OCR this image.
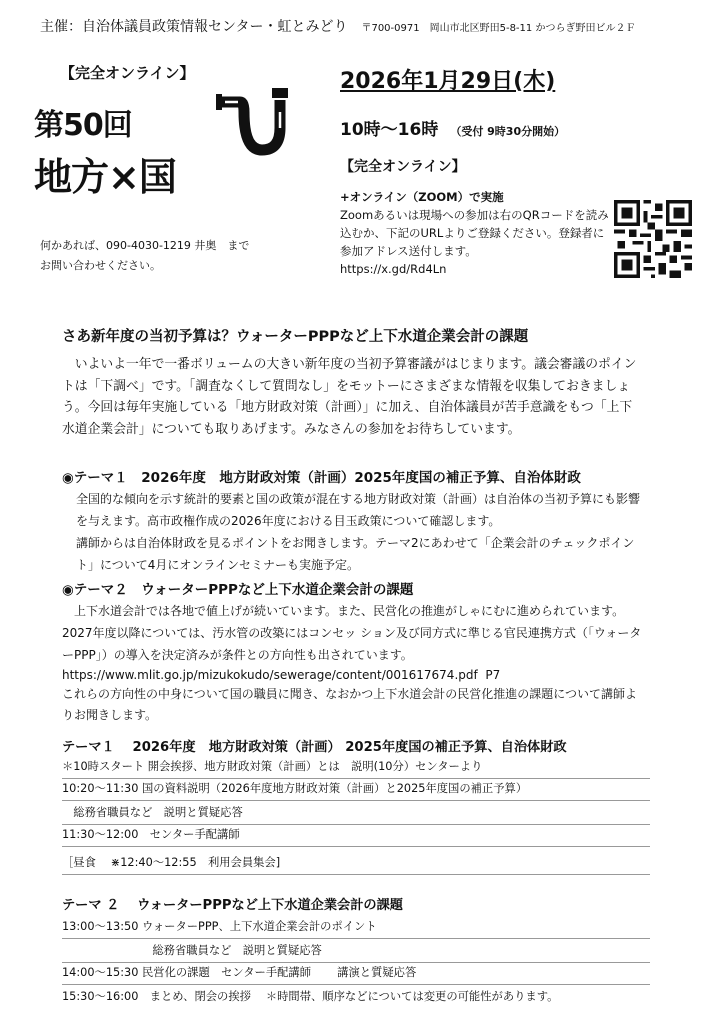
主催：自治体議員政策情報センター・虹とみどり 〒700-0971　岡山市北区野田5-8-11 かつらぎ野田ビル２Ｆ
【完全オンライン】
第50回
地方×国
2026年1月29日(木)
10時〜16時 （受付 9時30分開始）
【完全オンライン】
+オンライン（ZOOM）で実施
Zoomあるいは現場への参加は右のQRコードを読み込むか、下記のURLよりご登録ください。登録者に参加アドレス送付します。
https://x.gd/Rd4Ln
何かあれば、090-4030-1219 井奥　まで
お問い合わせください。
さあ新年度の当初予算は？ウォーターPPPなど上下水道企業会計の課題
いよいよ一年で一番ボリュームの大きい新年度の当初予算審議がはじまります。議会審議のポイントは「下調べ」です。「調査なくして質問なし」をモットーにさまざまな情報を収集しておきましょう。今回は毎年実施している「地方財政対策（計画）」に加え、自治体議員が苦手意識をもつ「上下水道企業会計」についても取りあげます。みなさんの参加をお待ちしています。
◉テーマ１　2026年度　地方財政対策（計画）2025年度国の補正予算、自治体財政
全国的な傾向を示す統計的要素と国の政策が混在する地方財政対策（計画）は自治体の当初予算にも影響を与えます。高市政権作成の2026年度における目玉政策について確認します。
講師からは自治体財政を見るポイントをお聞きします。テーマ2にあわせて「企業会計のチェックポイント」について4月にオンラインセミナーも実施予定。
◉テーマ２　ウォーターPPPなど上下水道企業会計の課題
上下水道会計では各地で値上げが続いています。また、民営化の推進がしゃにむに進められています。2027年度以降については、汚水管の改築にはコンセッ ション及び同方式に準じる官民連携方式（「ウォーターPPP」）の導入を決定済みが条件との方向性も出されています。
https://www.mlit.go.jp/mizukokudo/sewerage/content/001617674.pdf P7
これらの方向性の中身について国の職員に聞き、なおかつ上下水道会計の民営化推進の課題について講師よりお聞きします。
テーマ１　 2026年度　地方財政対策（計画） 2025年度国の補正予算、自治体財政
＊10時スタート 開会挨拶、地方財政対策（計画）とは　説明(10分）センターより
10:20〜11:30 国の資料説明（2026年度地方財政対策（計画）と2025年度国の補正予算）
　総務省職員など　説明と質疑応答
11:30〜12:00　センター手配講師
［昼食　 ⋇12:40〜12:55　利用会員集会]
テーマ ２　 ウォーターPPPなど上下水道企業会計の課題
13:00〜13:50 ウォーターPPP、上下水道企業会計のポイント
　　　　　　　　総務省職員など　説明と質疑応答
14:00〜15:30 民営化の課題　センター手配講師　　 講演と質疑応答
15:30〜16:00　まとめ、閉会の挨拶　 ＊時間帯、順序などについては変更の可能性があります。
